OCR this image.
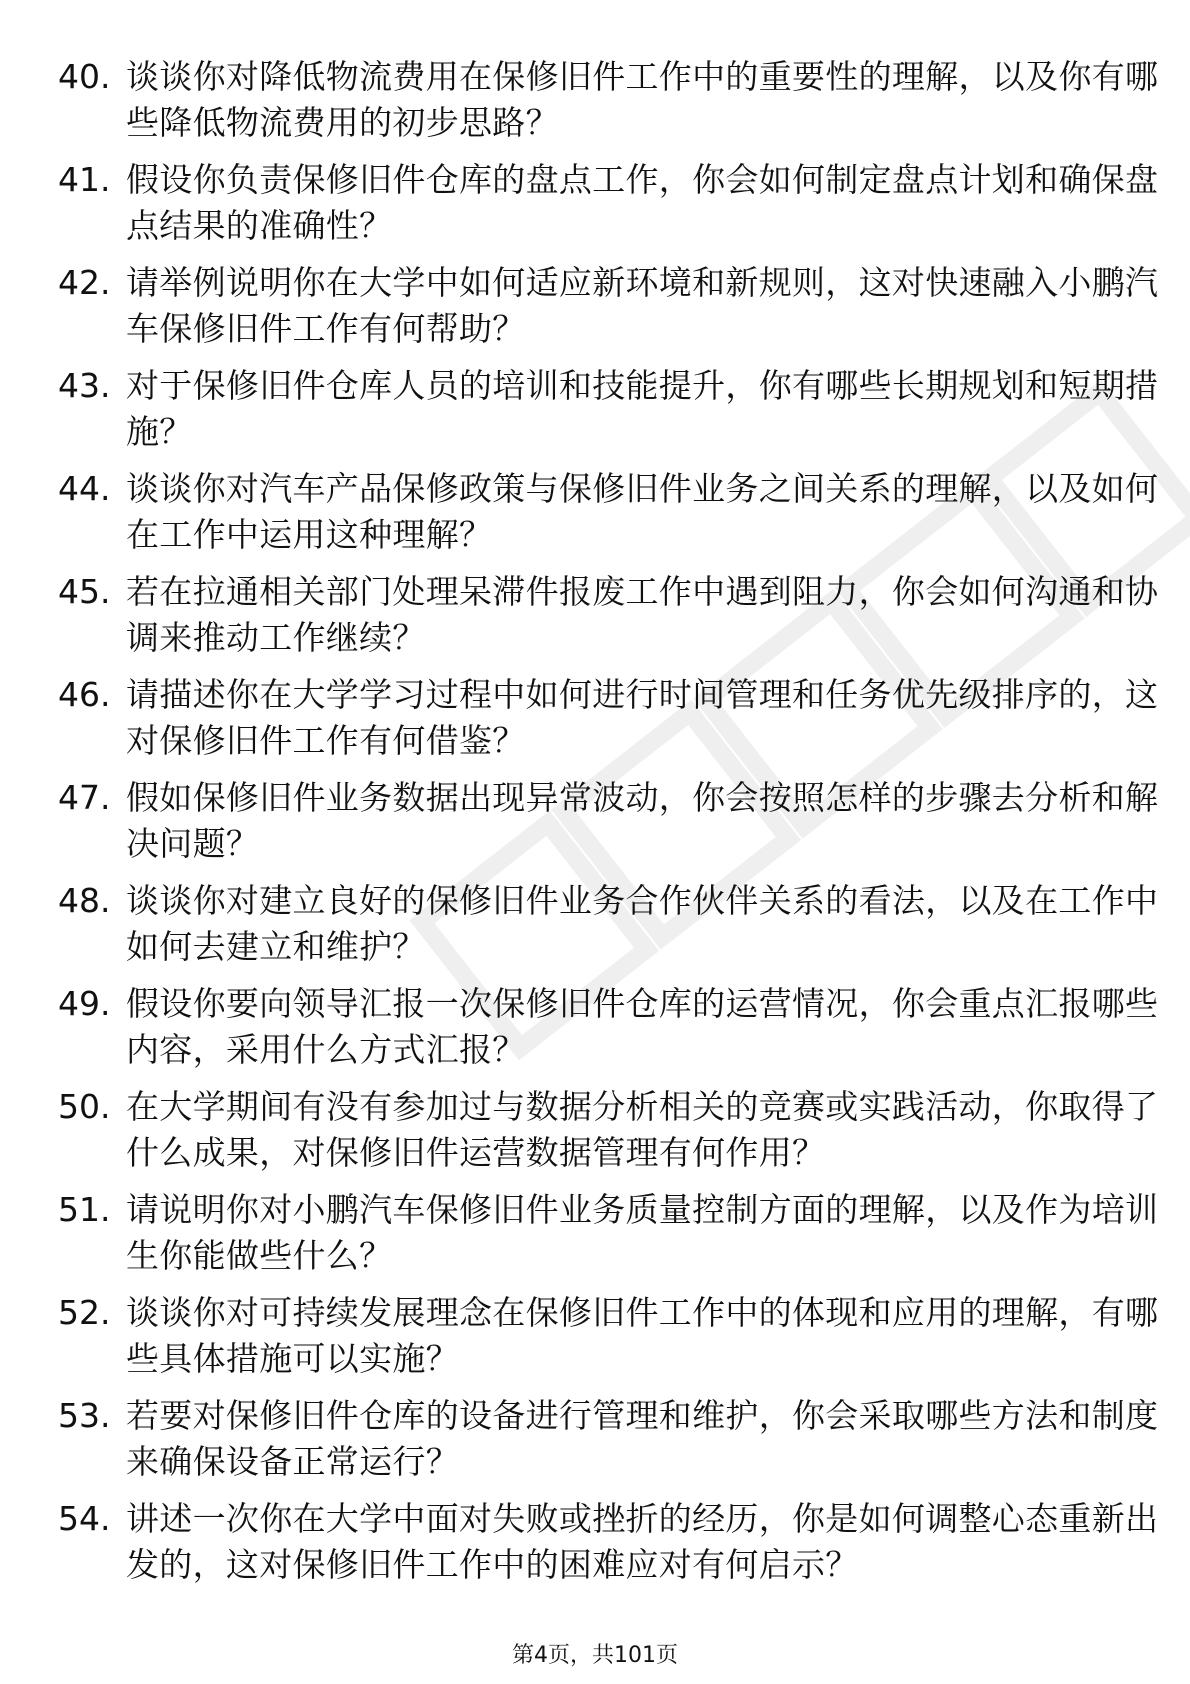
40. 谈谈你对降低物流费用在保修旧件工作中的重要性的理解，以及你有哪些降低物流费用的初步思路？
41. 假设你负责保修旧件仓库的盘点工作，你会如何制定盘点计划和确保盘点结果的准确性？
42. 请举例说明你在大学中如何适应新环境和新规则，这对快速融入小鹏汽车保修旧件工作有何帮助？
43. 对于保修旧件仓库人员的培训和技能提升，你有哪些长期规划和短期措施？
44. 谈谈你对汽车产品保修政策与保修旧件业务之间关系的理解，以及如何在工作中运用这种理解？
45. 若在拉通相关部门处理呆滞件报废工作中遇到阻力，你会如何沟通和协调来推动工作继续？
46. 请描述你在大学学习过程中如何进行时间管理和任务优先级排序的，这对保修旧件工作有何借鉴？
47. 假如保修旧件业务数据出现异常波动，你会按照怎样的步骤去分析和解决问题？
48. 谈谈你对建立良好的保修旧件业务合作伙伴关系的看法，以及在工作中如何去建立和维护？
49. 假设你要向领导汇报一次保修旧件仓库的运营情况，你会重点汇报哪些内容，采用什么方式汇报？
50. 在大学期间有没有参加过与数据分析相关的竞赛或实践活动，你取得了什么成果，对保修旧件运营数据管理有何作用？
51. 请说明你对小鹏汽车保修旧件业务质量控制方面的理解，以及作为培训生你能做些什么？
52. 谈谈你对可持续发展理念在保修旧件工作中的体现和应用的理解，有哪些具体措施可以实施？
53. 若要对保修旧件仓库的设备进行管理和维护，你会采取哪些方法和制度来确保设备正常运行？
54. 讲述一次你在大学中面对失败或挫折的经历，你是如何调整心态重新出发的，这对保修旧件工作中的困难应对有何启示？
第4页，共101页
